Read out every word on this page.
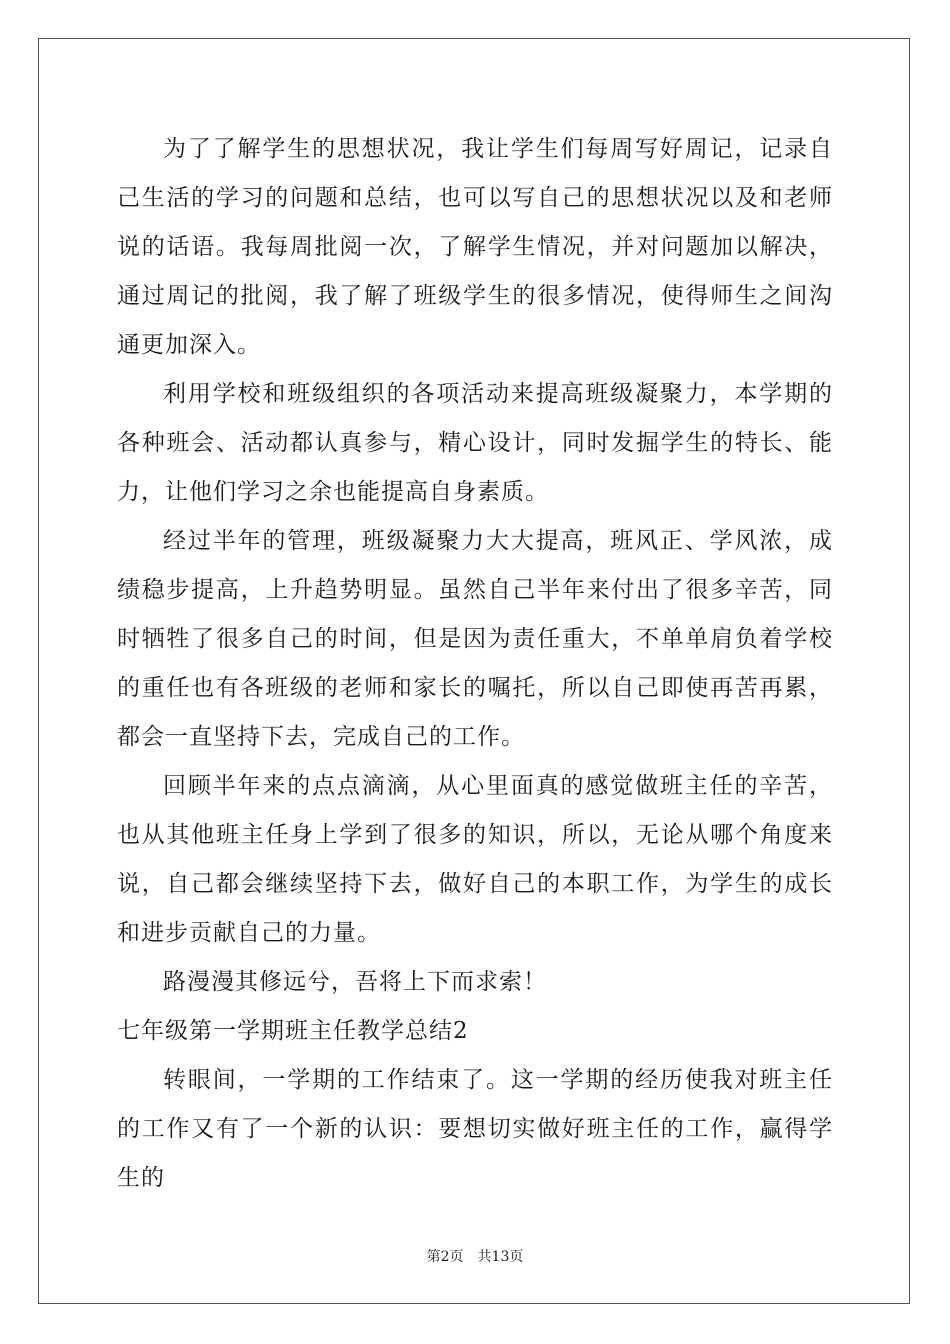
为了了解学生的思想状况，我让学生们每周写好周记，记录自己生活的学习的问题和总结，也可以写自己的思想状况以及和老师说的话语。我每周批阅一次，了解学生情况，并对问题加以解决，通过周记的批阅，我了解了班级学生的很多情况，使得师生之间沟通更加深入。

利用学校和班级组织的各项活动来提高班级凝聚力，本学期的各种班会、活动都认真参与，精心设计，同时发掘学生的特长、能力，让他们学习之余也能提高自身素质。

经过半年的管理，班级凝聚力大大提高，班风正、学风浓，成绩稳步提高，上升趋势明显。虽然自己半年来付出了很多辛苦，同时牺牲了很多自己的时间，但是因为责任重大，不单单肩负着学校的重任也有各班级的老师和家长的嘱托，所以自己即使再苦再累，都会一直坚持下去，完成自己的工作。

回顾半年来的点点滴滴，从心里面真的感觉做班主任的辛苦，也从其他班主任身上学到了很多的知识，所以，无论从哪个角度来说，自己都会继续坚持下去，做好自己的本职工作，为学生的成长和进步贡献自己的力量。

路漫漫其修远兮，吾将上下而求索！

七年级第一学期班主任教学总结2

转眼间，一学期的工作结束了。这一学期的经历使我对班主任的工作又有了一个新的认识：要想切实做好班主任的工作，赢得学生的

第2页 共13页
